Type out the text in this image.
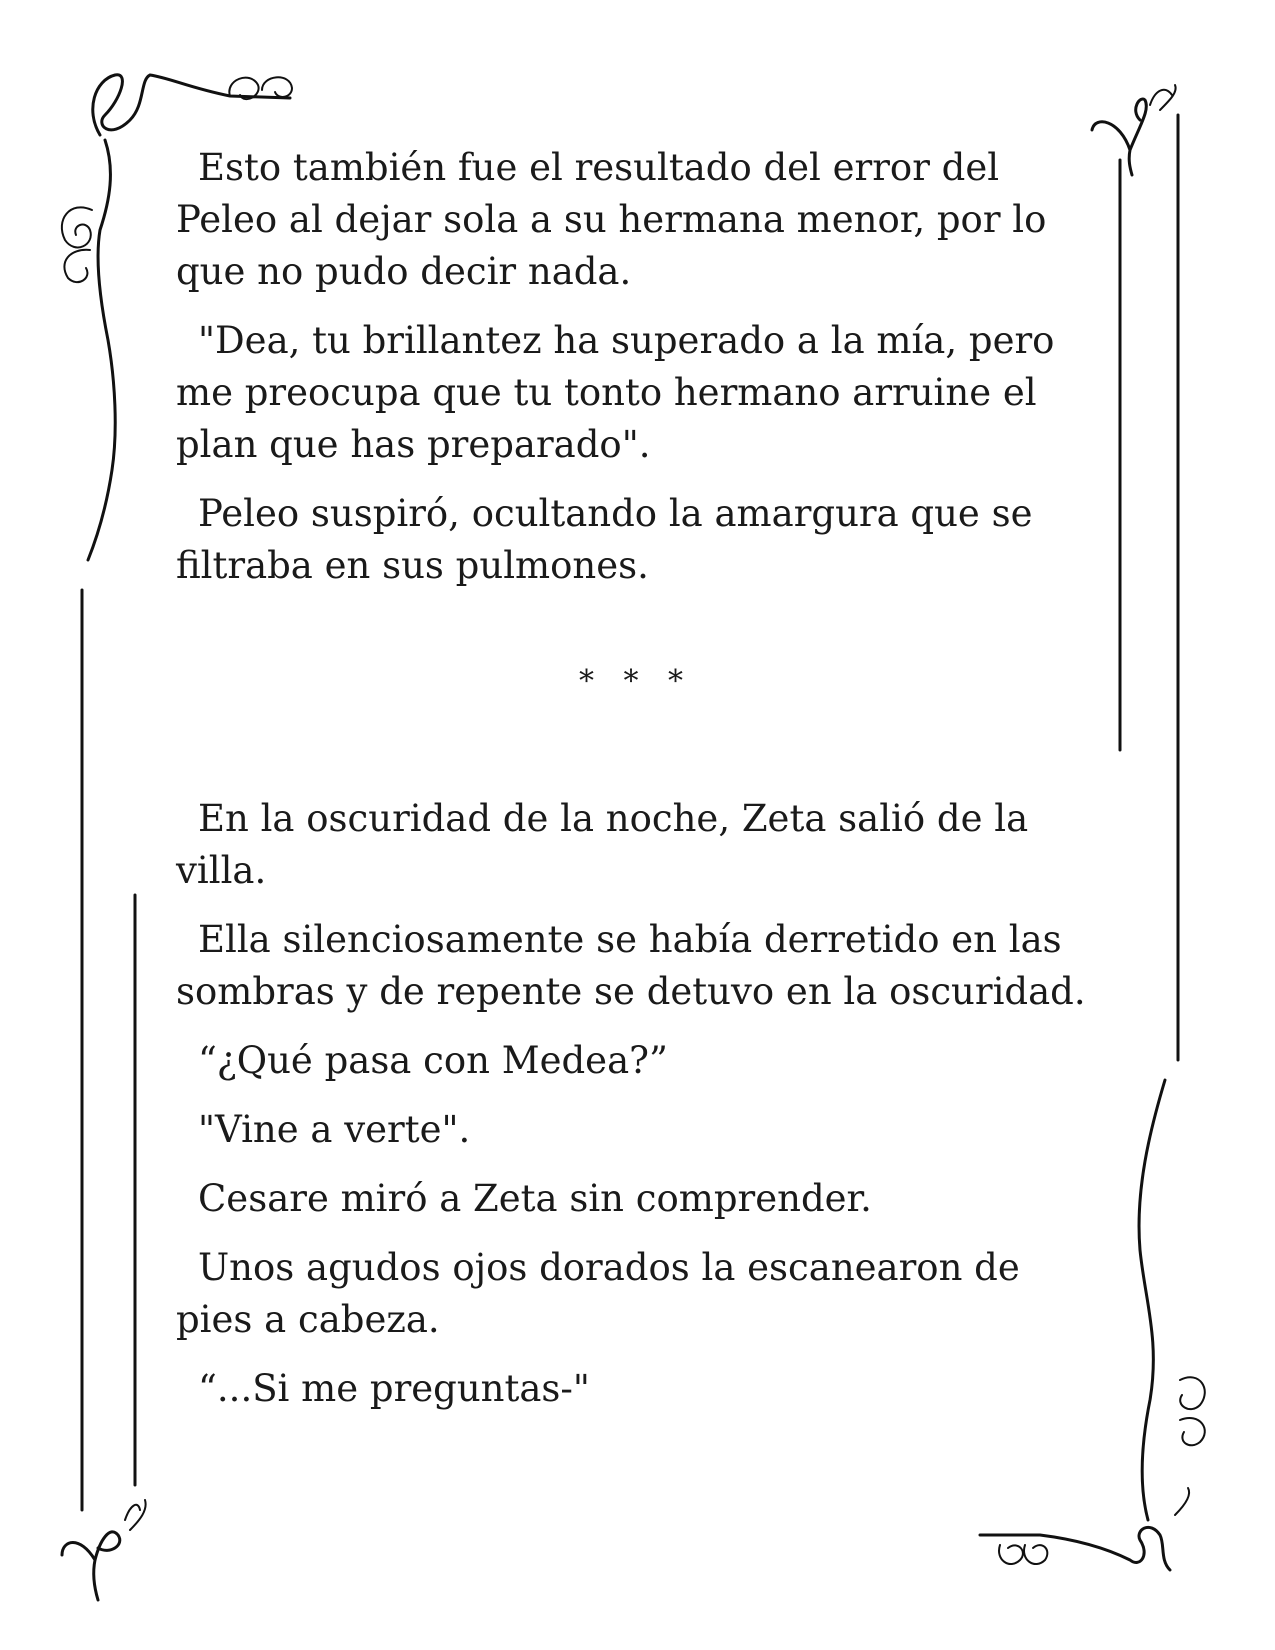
Esto también fue el resultado del error del Peleo al dejar sola a su hermana menor, por lo que no pudo decir nada.

"Dea, tu brillantez ha superado a la mía, pero me preocupa que tu tonto hermano arruine el plan que has preparado".

Peleo suspiró, ocultando la amargura que se filtraba en sus pulmones.

* * *

En la oscuridad de la noche, Zeta salió de la villa.

Ella silenciosamente se había derretido en las sombras y de repente se detuvo en la oscuridad.

“¿Qué pasa con Medea?”

"Vine a verte".

Cesare miró a Zeta sin comprender.

Unos agudos ojos dorados la escanearon de pies a cabeza.

“...Si me preguntas-"
